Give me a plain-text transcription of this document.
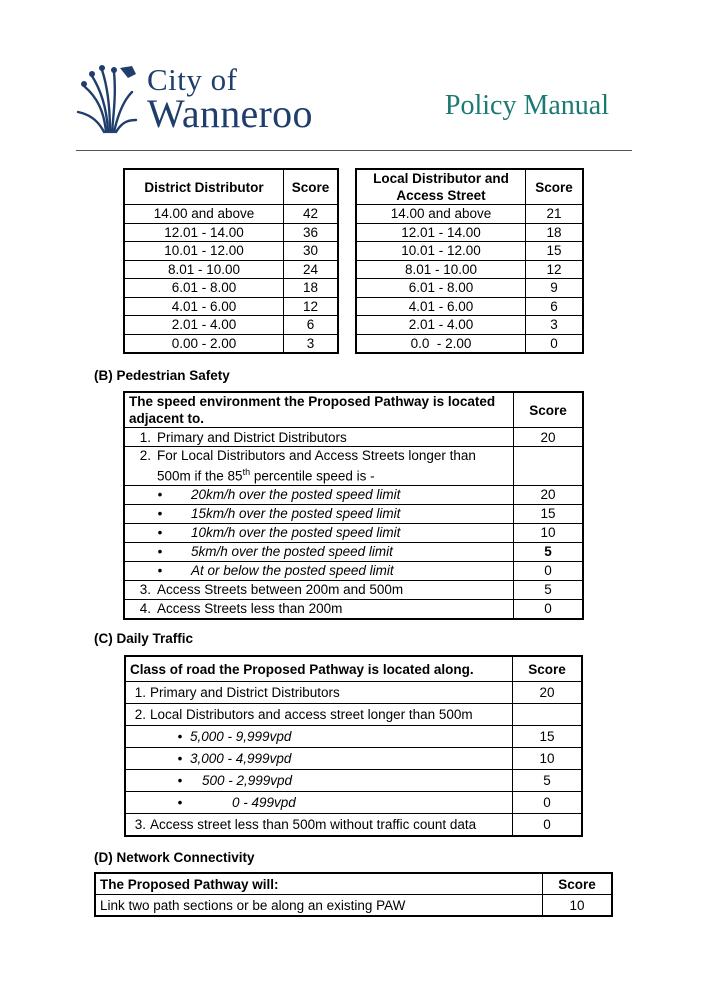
City of
Wanneroo	Policy Manual
District Distributor	Score
14.00 and above	42
12.01 - 14.00	36
10.01 - 12.00	30
8.01 - 10.00	24
6.01 - 8.00	18
4.01 - 6.00	12
2.01 - 4.00	6
0.00 - 2.00	3
Local Distributor and Access Street	Score
14.00 and above	21
12.01 - 14.00	18
10.01 - 12.00	15
8.01 - 10.00	12
6.01 - 8.00	9
4.01 - 6.00	6
2.01 - 4.00	3
0.0  - 2.00	0
(B) Pedestrian Safety
The speed environment the Proposed Pathway is located adjacent to.	Score
1. Primary and District Distributors	20
2. For Local Distributors and Access Streets longer than
500m if the 85th percentile speed is -	
• 20km/h over the posted speed limit	20
• 15km/h over the posted speed limit	15
• 10km/h over the posted speed limit	10
• 5km/h over the posted speed limit	5
• At or below the posted speed limit	0
3. Access Streets between 200m and 500m	5
4. Access Streets less than 200m	0
(C) Daily Traffic
Class of road the Proposed Pathway is located along.	Score
1. Primary and District Distributors	20
2. Local Distributors and access street longer than 500m	
• 5,000 - 9,999vpd	15
• 3,000 - 4,999vpd	10
• 500 - 2,999vpd	5
• 0 - 499vpd	0
3. Access street less than 500m without traffic count data	0
(D) Network Connectivity
The Proposed Pathway will:	Score
Link two path sections or be along an existing PAW	10
